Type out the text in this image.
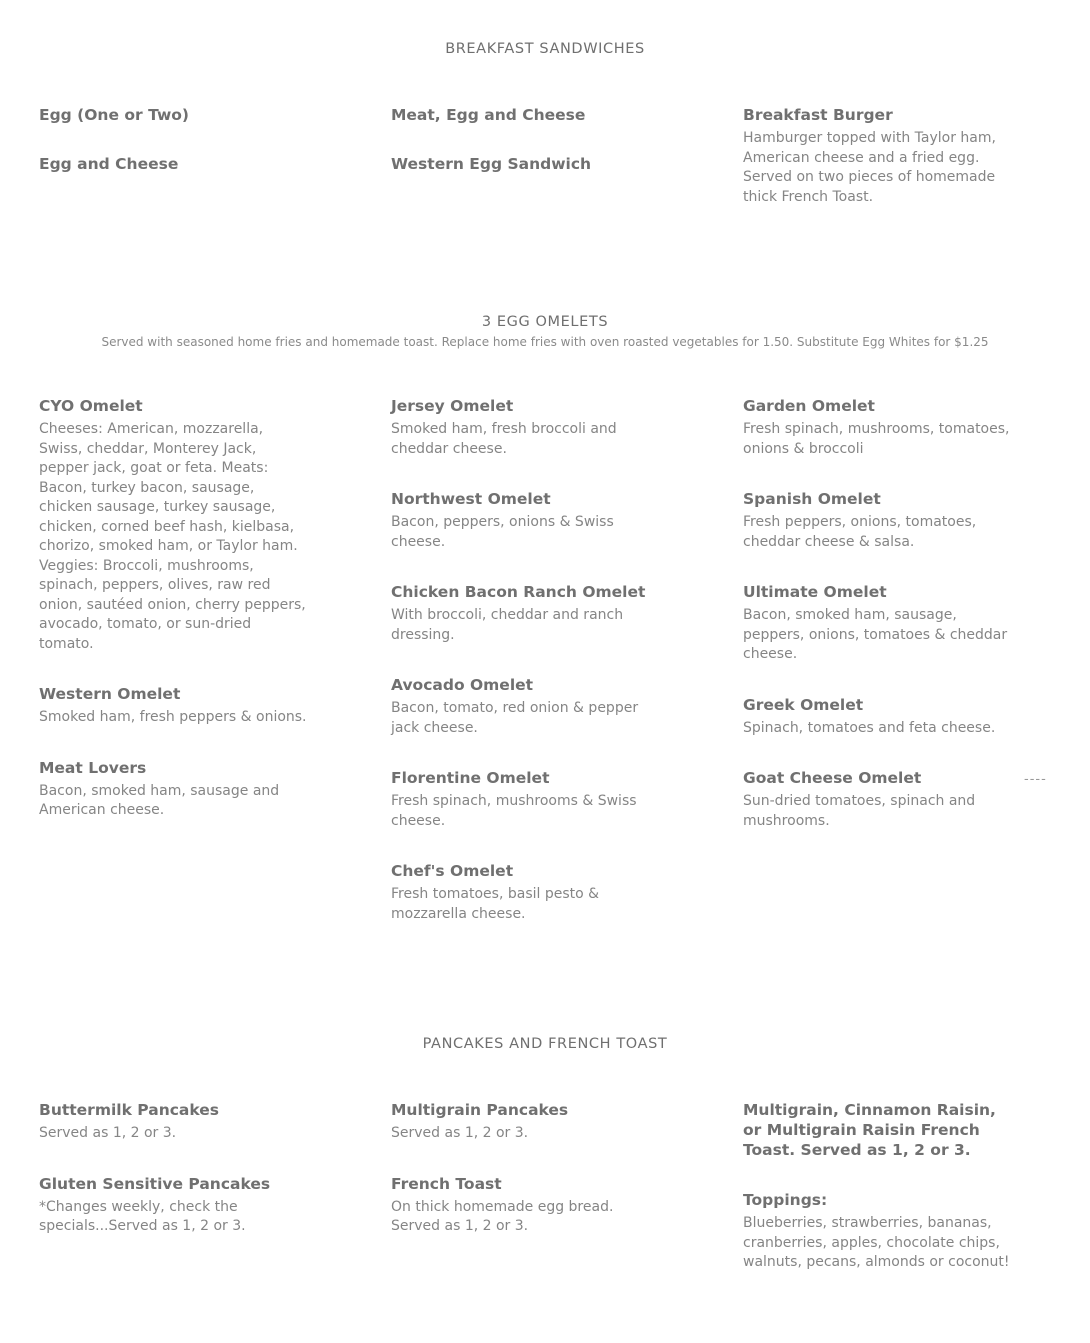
BREAKFAST SANDWICHES
Egg (One or Two)
Egg and Cheese
Meat, Egg and Cheese
Western Egg Sandwich
Breakfast Burger
Hamburger topped with Taylor ham, American cheese and a fried egg. Served on two pieces of homemade thick French Toast.
3 EGG OMELETS
Served with seasoned home fries and homemade toast. Replace home fries with oven roasted vegetables for 1.50. Substitute Egg Whites for $1.25
CYO Omelet
Cheeses: American, mozzarella, Swiss, cheddar, Monterey Jack, pepper jack, goat or feta. Meats: Bacon, turkey bacon, sausage, chicken sausage, turkey sausage, chicken, corned beef hash, kielbasa, chorizo, smoked ham, or Taylor ham. Veggies: Broccoli, mushrooms, spinach, peppers, olives, raw red onion, sautéed onion, cherry peppers, avocado, tomato, or sun-dried tomato.
Western Omelet
Smoked ham, fresh peppers & onions.
Meat Lovers
Bacon, smoked ham, sausage and American cheese.
Jersey Omelet
Smoked ham, fresh broccoli and cheddar cheese.
Northwest Omelet
Bacon, peppers, onions & Swiss cheese.
Chicken Bacon Ranch Omelet
With broccoli, cheddar and ranch dressing.
Avocado Omelet
Bacon, tomato, red onion & pepper jack cheese.
Florentine Omelet
Fresh spinach, mushrooms & Swiss cheese.
Chef's Omelet
Fresh tomatoes, basil pesto & mozzarella cheese.
Garden Omelet
Fresh spinach, mushrooms, tomatoes, onions & broccoli
Spanish Omelet
Fresh peppers, onions, tomatoes, cheddar cheese & salsa.
Ultimate Omelet
Bacon, smoked ham, sausage, peppers, onions, tomatoes & cheddar cheese.
Greek Omelet
Spinach, tomatoes and feta cheese.
Goat Cheese Omelet
Sun-dried tomatoes, spinach and mushrooms.
----
PANCAKES AND FRENCH TOAST
Buttermilk Pancakes
Served as 1, 2 or 3.
Gluten Sensitive Pancakes
*Changes weekly, check the specials...Served as 1, 2 or 3.
Multigrain Pancakes
Served as 1, 2 or 3.
French Toast
On thick homemade egg bread. Served as 1, 2 or 3.
Multigrain, Cinnamon Raisin, or Multigrain Raisin French Toast. Served as 1, 2 or 3.
Toppings:
Blueberries, strawberries, bananas, cranberries, apples, chocolate chips, walnuts, pecans, almonds or coconut!
